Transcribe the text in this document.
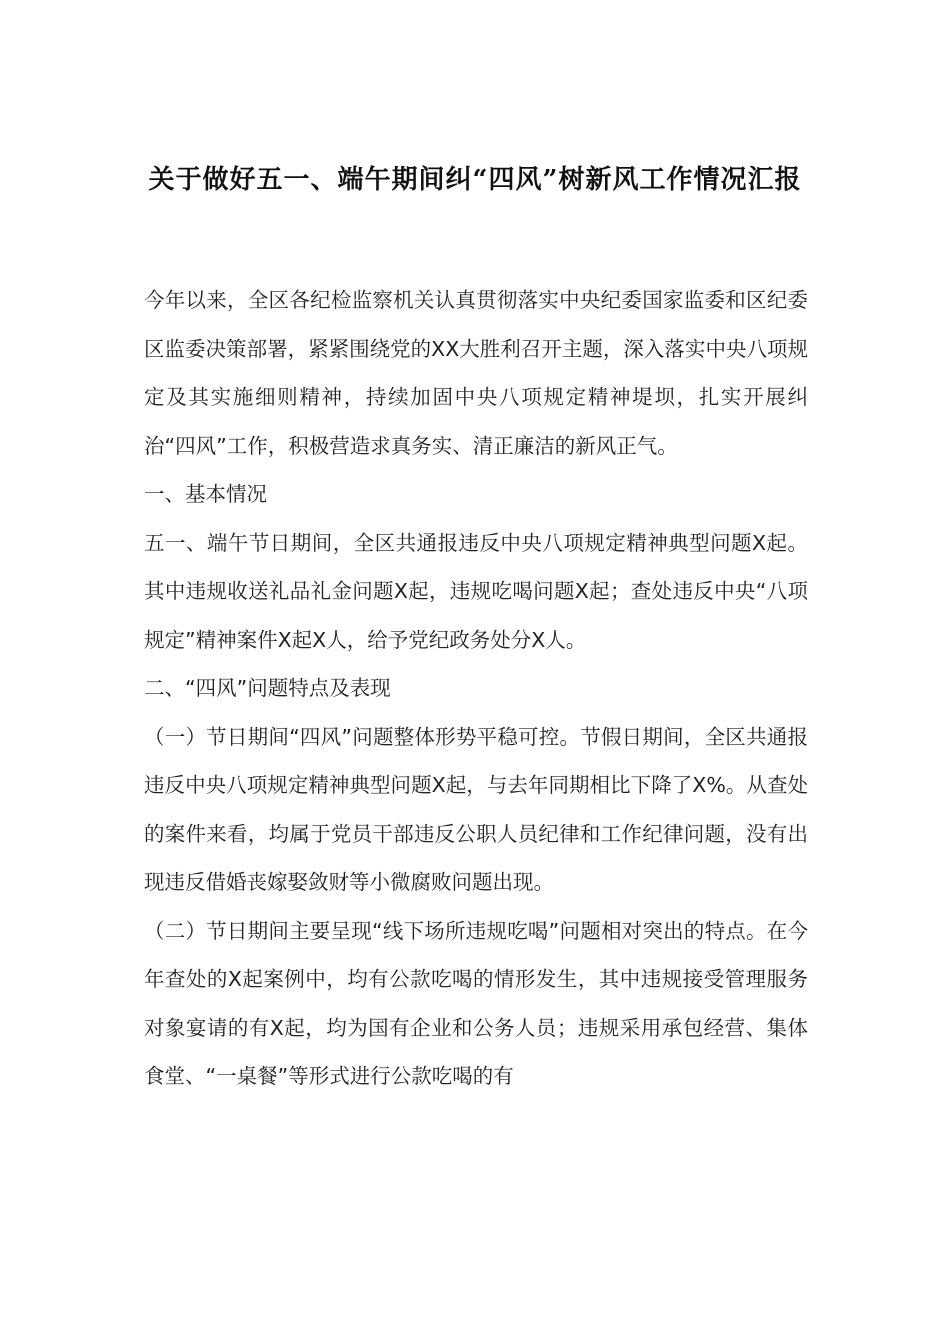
关于做好五一、端午期间纠“四风”树新风工作情况汇报

今年以来，全区各纪检监察机关认真贯彻落实中央纪委国家监委和区纪委区监委决策部署，紧紧围绕党的XX大胜利召开主题，深入落实中央八项规定及其实施细则精神，持续加固中央八项规定精神堤坝，扎实开展纠治“四风”工作，积极营造求真务实、清正廉洁的新风正气。

一、基本情况

五一、端午节日期间，全区共通报违反中央八项规定精神典型问题X起。其中违规收送礼品礼金问题X起，违规吃喝问题X起；查处违反中央“八项规定”精神案件X起X人，给予党纪政务处分X人。

二、“四风”问题特点及表现

（一）节日期间“四风”问题整体形势平稳可控。节假日期间，全区共通报违反中央八项规定精神典型问题X起，与去年同期相比下降了X%。从查处的案件来看，均属于党员干部违反公职人员纪律和工作纪律问题，没有出现违反借婚丧嫁娶敛财等小微腐败问题出现。

（二）节日期间主要呈现“线下场所违规吃喝”问题相对突出的特点。在今年查处的X起案例中，均有公款吃喝的情形发生，其中违规接受管理服务对象宴请的有X起，均为国有企业和公务人员；违规采用承包经营、集体食堂、“一桌餐”等形式进行公款吃喝的有
